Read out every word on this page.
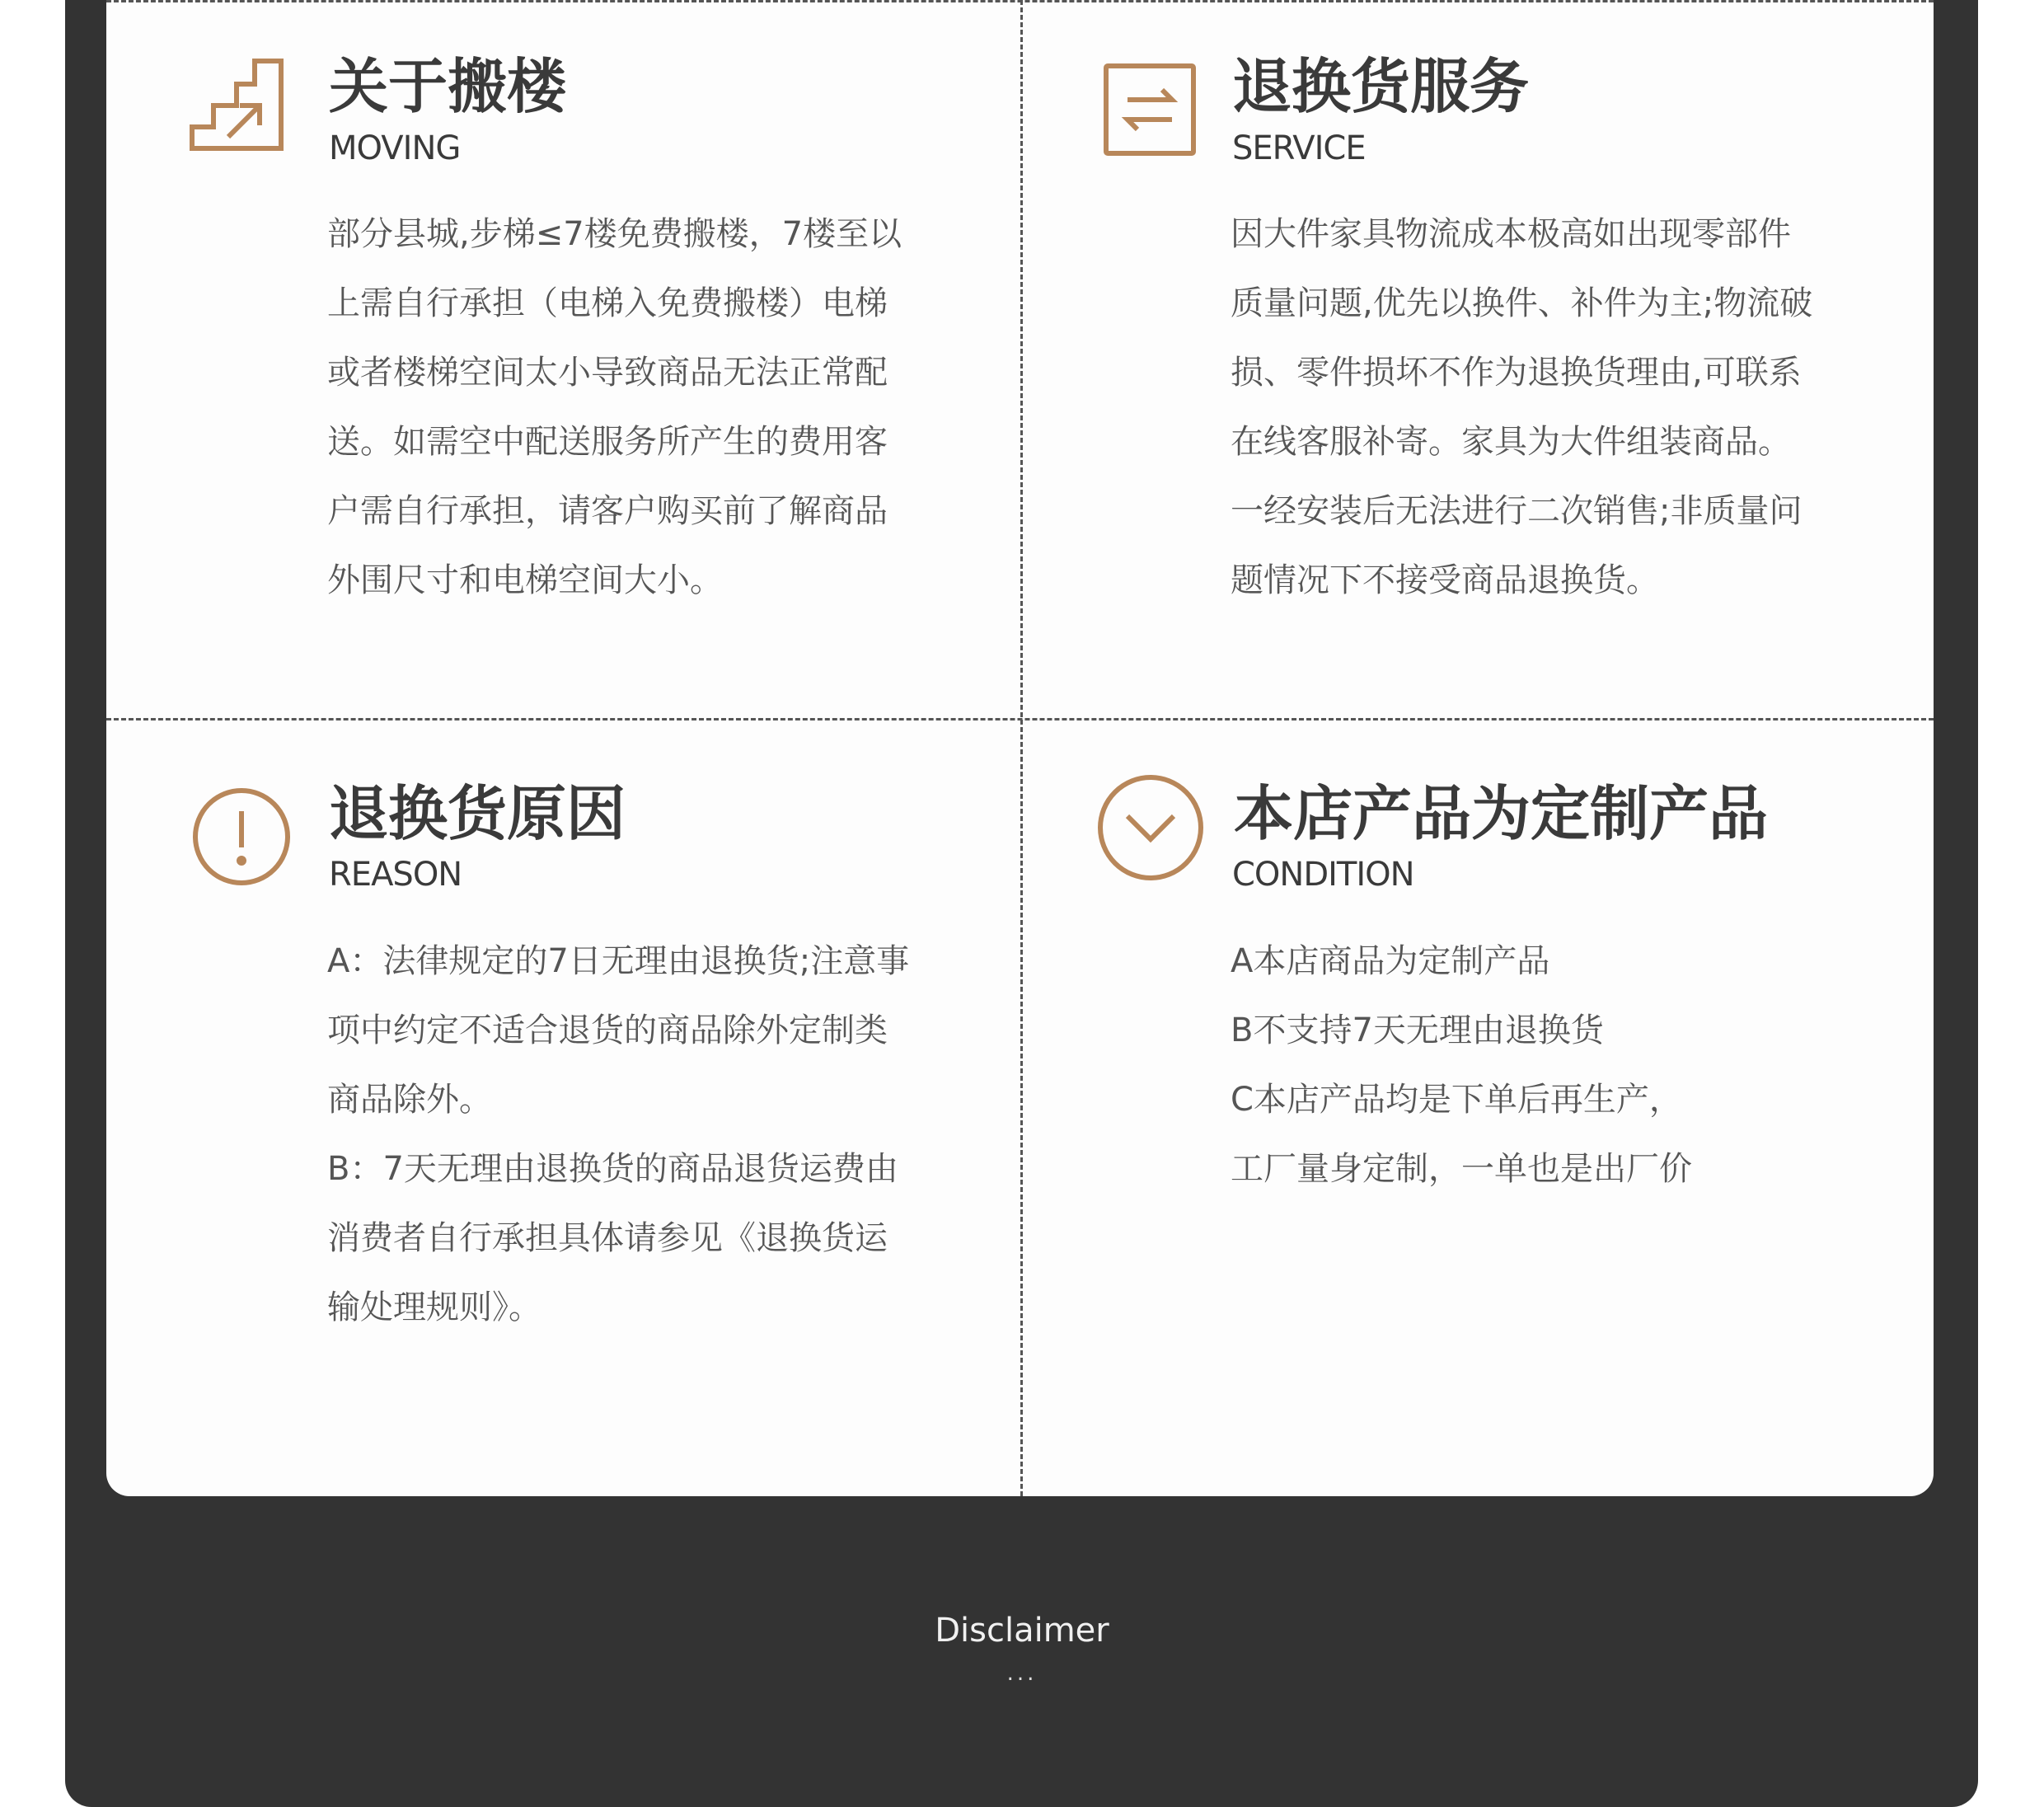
关于搬楼
MOVING
部分县城,步梯≤7楼免费搬楼，7楼至以
上需自行承担（电梯入免费搬楼）电梯
或者楼梯空间太小导致商品无法正常配
送。如需空中配送服务所产生的费用客
户需自行承担，请客户购买前了解商品
外围尺寸和电梯空间大小。
退换货服务
SERVICE
因大件家具物流成本极高如出现零部件
质量问题,优先以换件、补件为主;物流破
损、零件损坏不作为退换货理由,可联系
在线客服补寄。家具为大件组装商品。
一经安装后无法进行二次销售;非质量问
题情况下不接受商品退换货。
退换货原因
REASON
A：法律规定的7日无理由退换货;注意事
项中约定不适合退货的商品除外定制类
商品除外。
B：7天无理由退换货的商品退货运费由
消费者自行承担具体请参见《退换货运
输处理规则》。
本店产品为定制产品
CONDITION
A本店商品为定制产品
B不支持7天无理由退换货
C本店产品均是下单后再生产，
工厂量身定制，一单也是出厂价
Disclaimer
...
